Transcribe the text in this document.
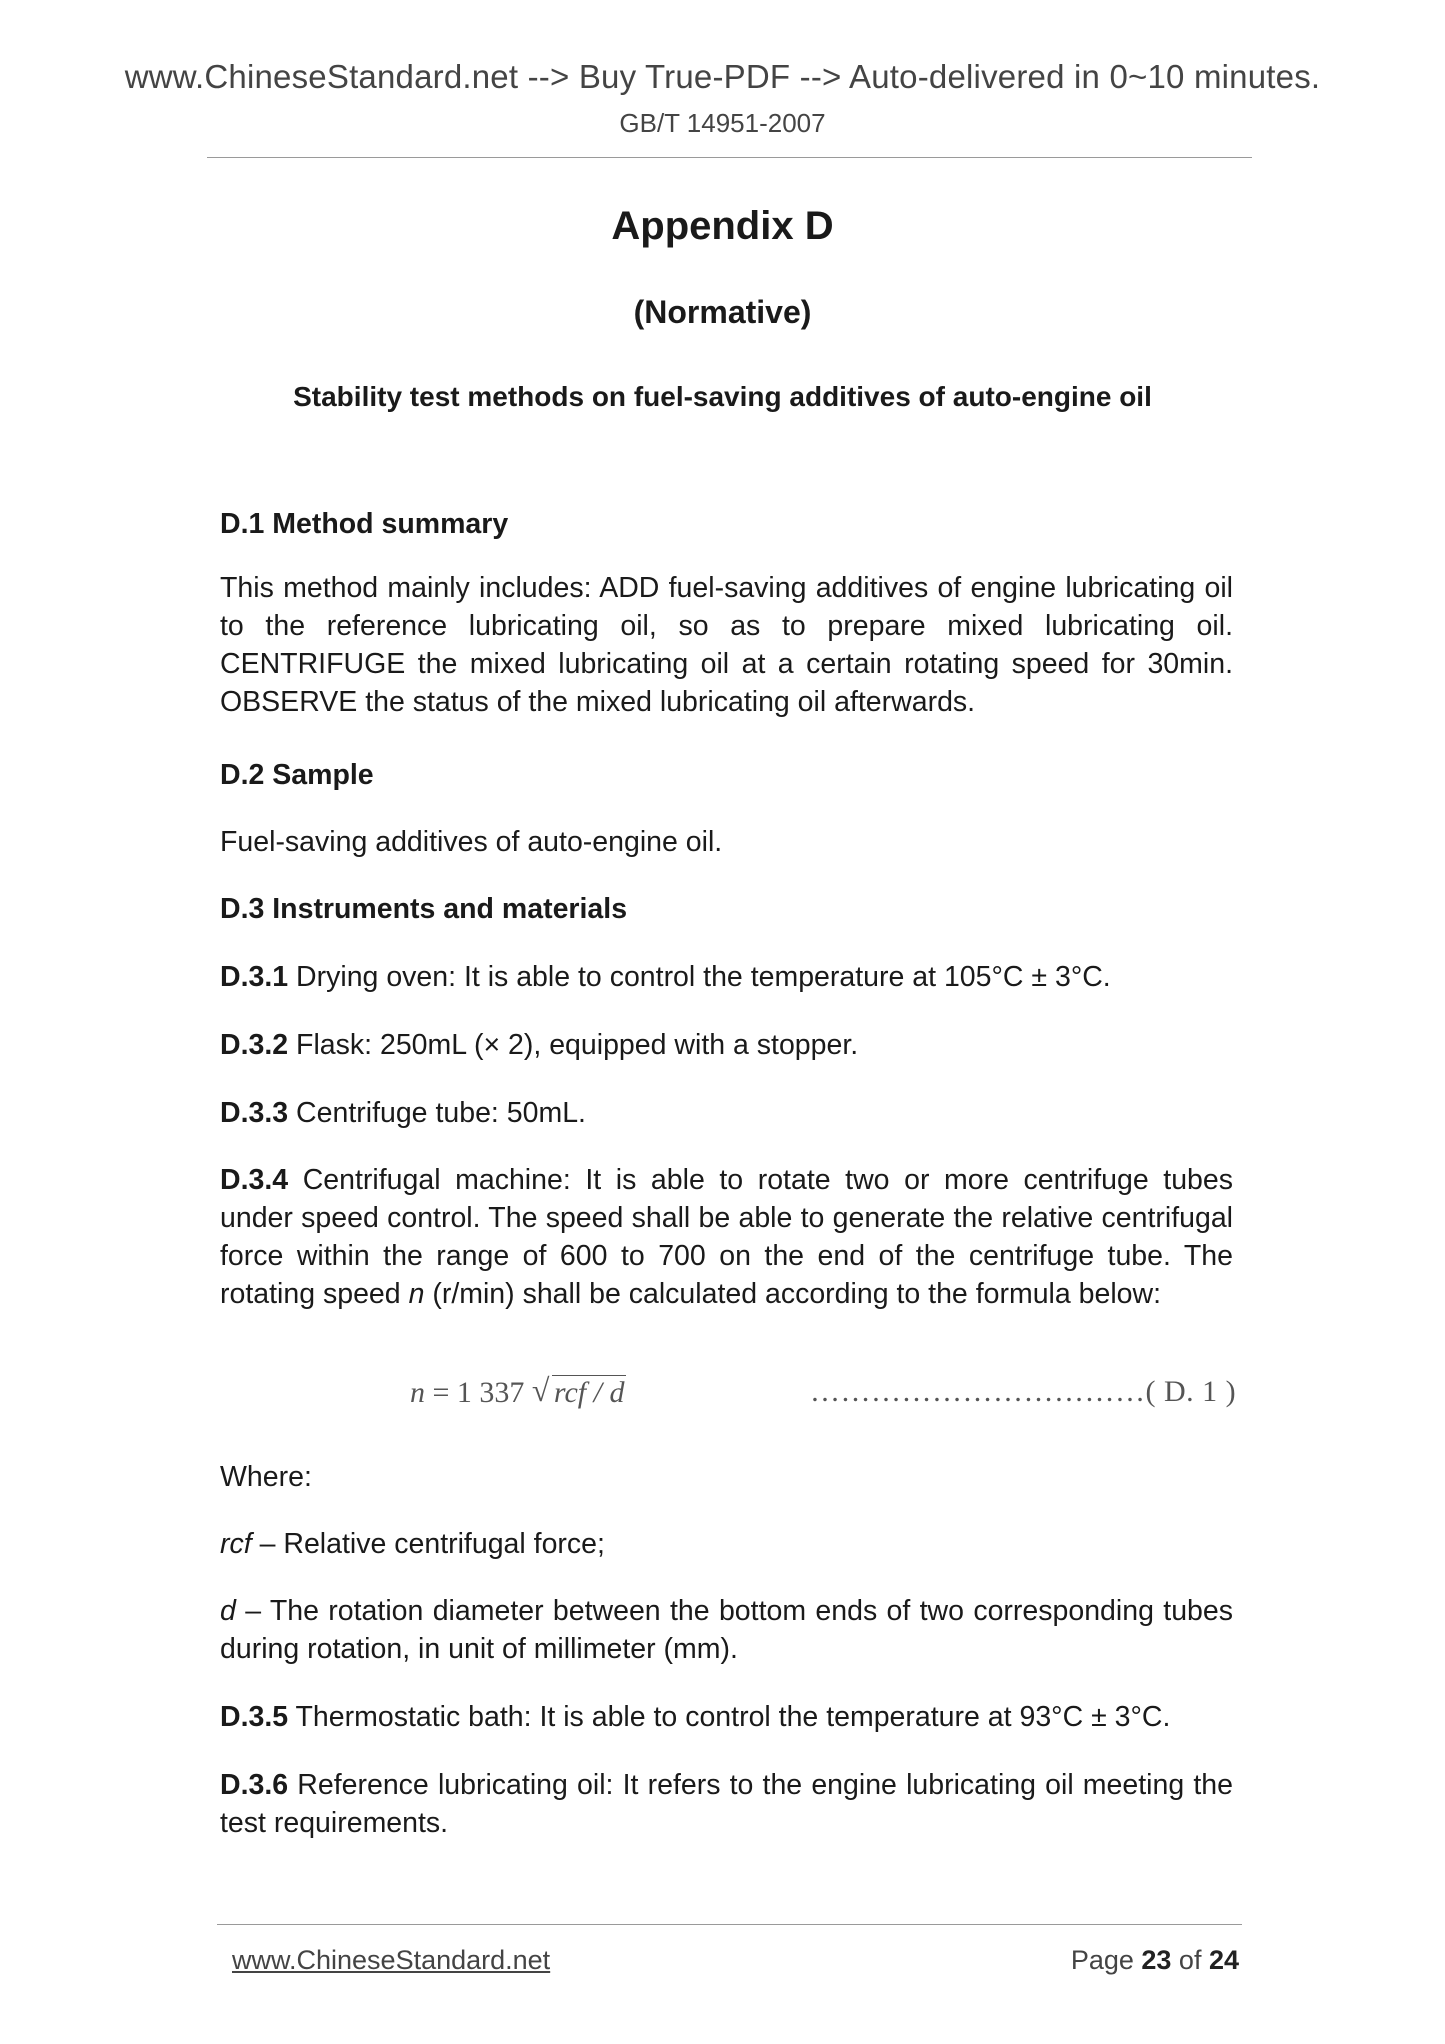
www.ChineseStandard.net --> Buy True-PDF --> Auto-delivered in 0~10 minutes.
GB/T 14951-2007
Appendix D
(Normative)
Stability test methods on fuel-saving additives of auto-engine oil
D.1 Method summary
This method mainly includes: ADD fuel-saving additives of engine lubricating oil to the reference lubricating oil, so as to prepare mixed lubricating oil. CENTRIFUGE the mixed lubricating oil at a certain rotating speed for 30min. OBSERVE the status of the mixed lubricating oil afterwards.
D.2 Sample
Fuel-saving additives of auto-engine oil.
D.3 Instruments and materials
D.3.1 Drying oven: It is able to control the temperature at 105°C ± 3°C.
D.3.2 Flask: 250mL (× 2), equipped with a stopper.
D.3.3 Centrifuge tube: 50mL.
D.3.4 Centrifugal machine: It is able to rotate two or more centrifuge tubes under speed control. The speed shall be able to generate the relative centrifugal force within the range of 600 to 700 on the end of the centrifuge tube. The rotating speed n (r/min) shall be calculated according to the formula below:
n = 1 337 √ rcf / d	……………………………( D. 1 )
Where:
rcf – Relative centrifugal force;
d – The rotation diameter between the bottom ends of two corresponding tubes during rotation, in unit of millimeter (mm).
D.3.5 Thermostatic bath: It is able to control the temperature at 93°C ± 3°C.
D.3.6 Reference lubricating oil: It refers to the engine lubricating oil meeting the test requirements.
www.ChineseStandard.net	Page 23 of 24
